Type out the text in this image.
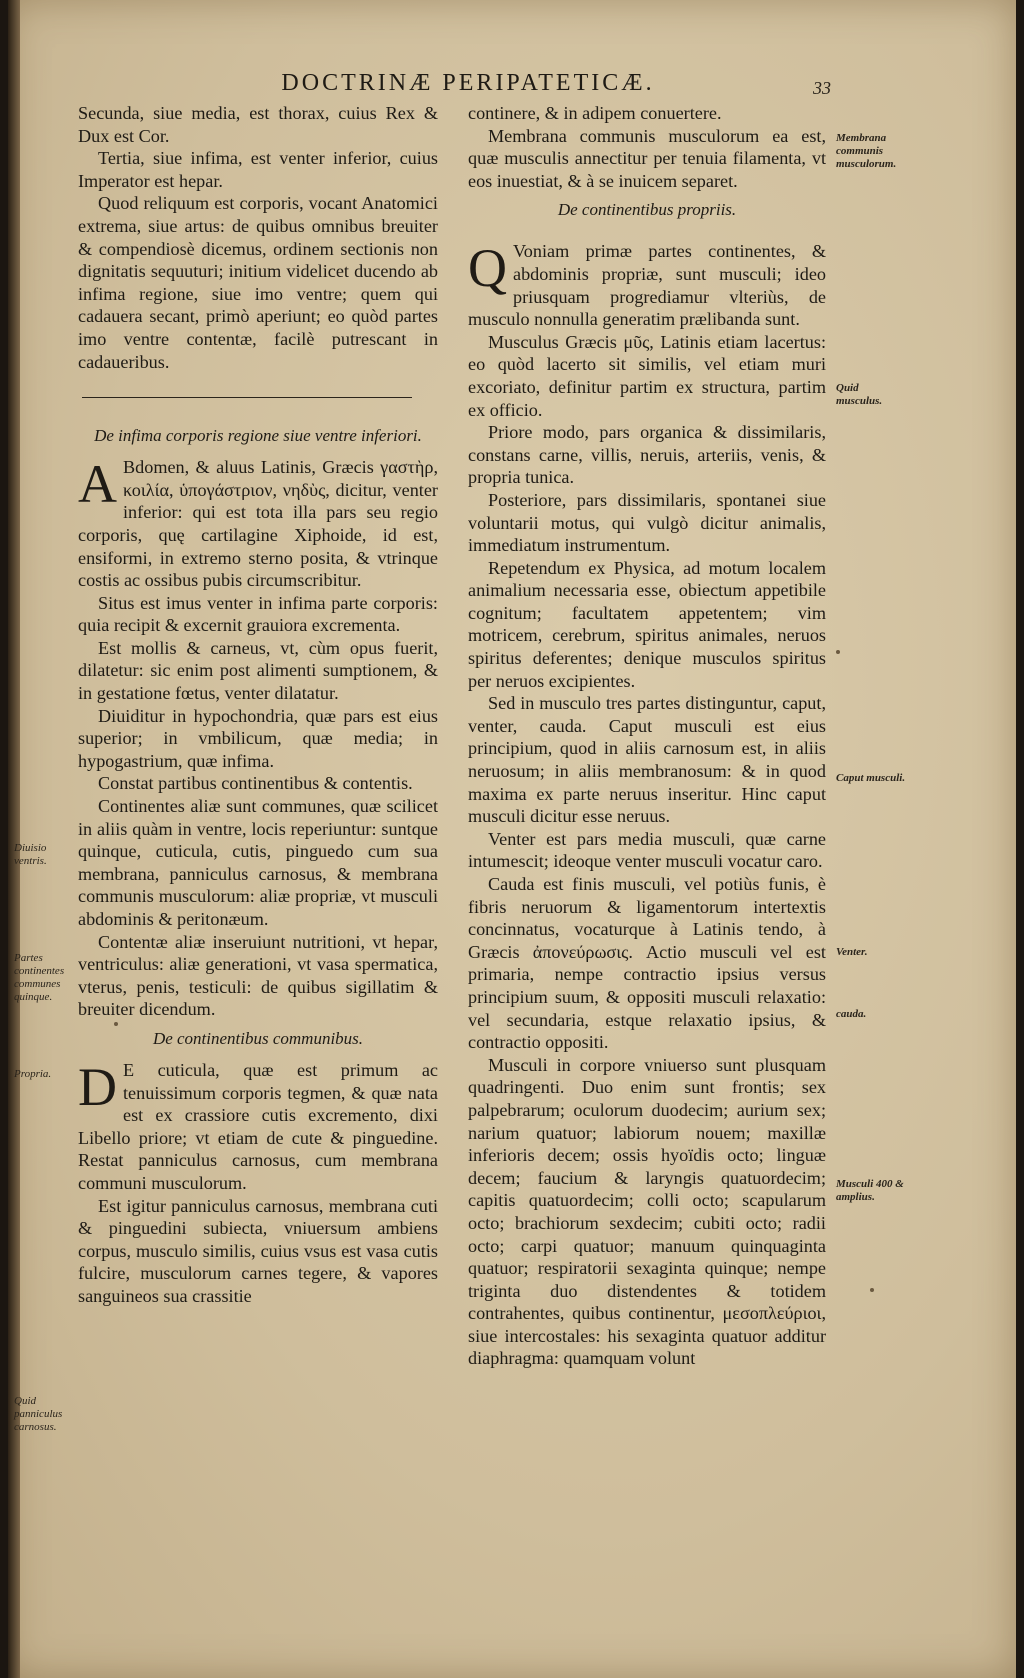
DOCTRINÆ PERIPATETICÆ.	33

Secunda, siue media, est thorax, cuius Rex & Dux est Cor.

Tertia, siue infima, est venter inferior, cuius Imperator est hepar.

Quod reliquum est corporis, vocant Anatomici extrema, siue artus: de quibus omnibus breuiter & compendiosè dicemus, ordinem sectionis non dignitatis sequuturi; initium videlicet ducendo ab infima regione, siue imo ventre; quem qui cadauera secant, primò aperiunt; eo quòd partes imo ventre contentæ, facilè putrescant in cadaueribus.

De infima corporis regione siue ventre inferiori.

A Bdomen, & aluus Latinis, Græcis γαστὴρ, κοιλία, ὑπογάστριον, νηδὺς, dicitur, venter inferior: qui est tota illa pars seu regio corporis, quę cartilagine Xiphoide, id est, ensiformi, in extremo sterno posita, & vtrinque costis ac ossibus pubis circumscribitur.

Situs est imus venter in infima parte corporis: quia recipit & excernit grauiora excrementa.

Est mollis & carneus, vt, cùm opus fuerit, dilatetur: sic enim post alimenti sumptionem, & in gestatione fœtus, venter dilatatur.

Diuiditur in hypochondria, quæ pars est eius superior; in vmbilicum, quæ media; in hypogastrium, quæ infima.

Constat partibus continentibus & contentis.

Continentes aliæ sunt communes, quæ scilicet in aliis quàm in ventre, locis reperiuntur: suntque quinque, cuticula, cutis, pinguedo cum sua membrana, panniculus carnosus, & membrana communis musculorum: aliæ propriæ, vt musculi abdominis & peritonæum.

Contentæ aliæ inseruiunt nutritioni, vt hepar, ventriculus: aliæ generationi, vt vasa spermatica, vterus, penis, testiculi: de quibus sigillatim & breuiter dicendum.

De continentibus communibus.

D E cuticula, quæ est primum ac tenuissimum corporis tegmen, & quæ nata est ex crassiore cutis excremento, dixi Libello priore; vt etiam de cute & pinguedine. Restat panniculus carnosus, cum membrana communi musculorum.

Est igitur panniculus carnosus, membrana cuti & pinguedini subiecta, vniuersum ambiens corpus, musculo similis, cuius vsus est vasa cutis fulcire, musculorum carnes tegere, & vapores sanguineos sua crassitie

continere, & in adipem conuertere.

Membrana communis musculorum ea est, quæ musculis annectitur per tenuia filamenta, vt eos inuestiat, & à se inuicem separet.

De continentibus propriis.

Q Voniam primæ partes continentes, & abdominis propriæ, sunt musculi; ideo priusquam progrediamur vlteriùs, de musculo nonnulla generatim prælibanda sunt.

Musculus Græcis μῦς, Latinis etiam lacertus: eo quòd lacerto sit similis, vel etiam muri excoriato, definitur partim ex structura, partim ex officio.

Priore modo, pars organica & dissimilaris, constans carne, villis, neruis, arteriis, venis, & propria tunica.

Posteriore, pars dissimilaris, spontanei siue voluntarii motus, qui vulgò dicitur animalis, immediatum instrumentum.

Repetendum ex Physica, ad motum localem animalium necessaria esse, obiectum appetibile cognitum; facultatem appetentem; vim motricem, cerebrum, spiritus animales, neruos spiritus deferentes; denique musculos spiritus per neruos excipientes.

Sed in musculo tres partes distinguntur, caput, venter, cauda. Caput musculi est eius principium, quod in aliis carnosum est, in aliis neruosum; in aliis membranosum: & in quod maxima ex parte neruus inseritur. Hinc caput musculi dicitur esse neruus.

Venter est pars media musculi, quæ carne intumescit; ideoque venter musculi vocatur caro.

Cauda est finis musculi, vel potiùs funis, è fibris neruorum & ligamentorum intertextis concinnatus, vocaturque à Latinis tendo, à Græcis ἀπονεύρωσις. Actio musculi vel est primaria, nempe contractio ipsius versus principium suum, & oppositi musculi relaxatio: vel secundaria, estque relaxatio ipsius, & contractio oppositi.

Musculi in corpore vniuerso sunt plusquam quadringenti. Duo enim sunt frontis; sex palpebrarum; oculorum duodecim; aurium sex; narium quatuor; labiorum nouem; maxillæ inferioris decem; ossis hyoïdis octo; linguæ decem; faucium & laryngis quatuordecim; capitis quatuordecim; colli octo; scapularum octo; brachiorum sexdecim; cubiti octo; radii octo; carpi quatuor; manuum quinquaginta quatuor; respiratorii sexaginta quinque; nempe triginta duo distendentes & totidem contrahentes, quibus continentur, μεσοπλεύριοι, siue intercostales: his sexaginta quatuor additur diaphragma: quamquam volunt

Diuisio ventris.
Partes continentes communes quinque.
Propria.
Quid panniculus carnosus.
Membrana communis musculorum.
Quid musculus.
Caput musculi.
Venter.
cauda.
Musculi 400 & amplius.
